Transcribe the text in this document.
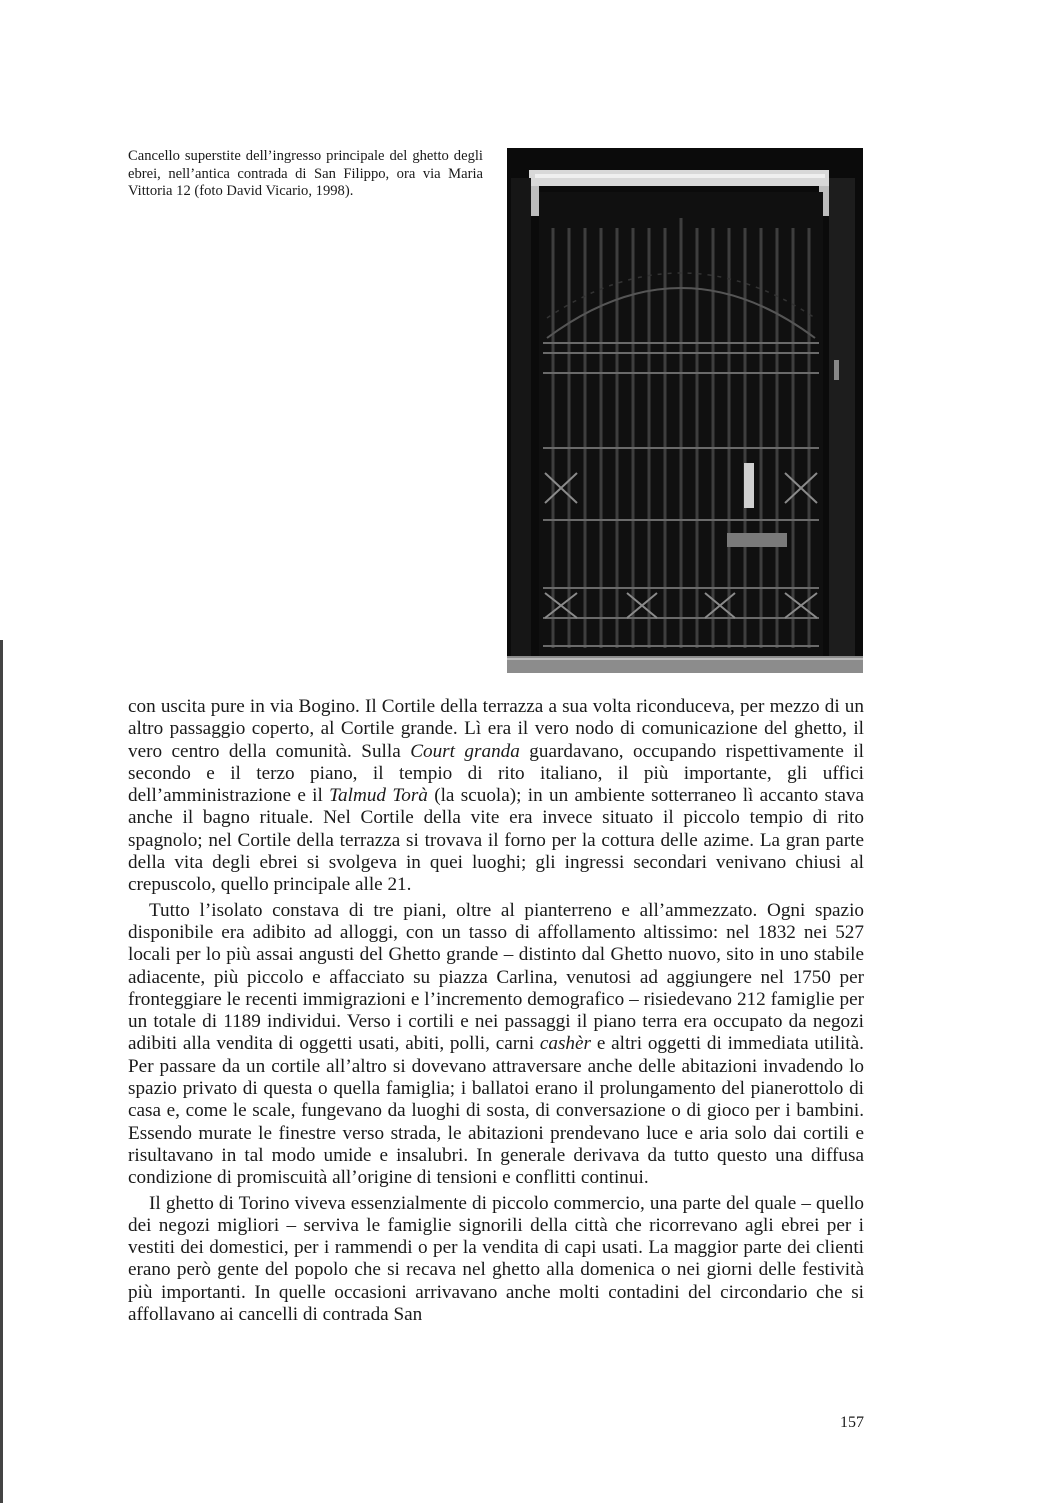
Cancello superstite dell’ingresso principale del ghetto degli ebrei, nell’antica contrada di San Filippo, ora via Maria Vittoria 12 (foto David Vicario, 1998).

con uscita pure in via Bogino. Il Cortile della terrazza a sua volta riconduceva, per mezzo di un altro passaggio coperto, al Cortile grande. Lì era il vero nodo di comunicazione del ghetto, il vero centro della comunità. Sulla Court granda guardavano, occupando rispettivamente il secondo e il terzo piano, il tempio di rito italiano, il più importante, gli uffici dell’amministrazione e il Talmud Torà (la scuola); in un ambiente sotterraneo lì accanto stava anche il bagno rituale. Nel Cortile della vite era invece situato il piccolo tempio di rito spagnolo; nel Cortile della terrazza si trovava il forno per la cottura delle azime. La gran parte della vita degli ebrei si svolgeva in quei luoghi; gli ingressi secondari venivano chiusi al crepuscolo, quello principale alle 21.

Tutto l’isolato constava di tre piani, oltre al pianterreno e all’ammezzato. Ogni spazio disponibile era adibito ad alloggi, con un tasso di affollamento altissimo: nel 1832 nei 527 locali per lo più assai angusti del Ghetto grande – distinto dal Ghetto nuovo, sito in uno stabile adiacente, più piccolo e affacciato su piazza Carlina, venutosi ad aggiungere nel 1750 per fronteggiare le recenti immigrazioni e l’incremento demografico – risiedevano 212 famiglie per un totale di 1189 individui. Verso i cortili e nei passaggi il piano terra era occupato da negozi adibiti alla vendita di oggetti usati, abiti, polli, carni cashèr e altri oggetti di immediata utilità. Per passare da un cortile all’altro si dovevano attraversare anche delle abitazioni invadendo lo spazio privato di questa o quella famiglia; i ballatoi erano il prolungamento del pianerottolo di casa e, come le scale, fungevano da luoghi di sosta, di conversazione o di gioco per i bambini. Essendo murate le finestre verso strada, le abitazioni prendevano luce e aria solo dai cortili e risultavano in tal modo umide e insalubri. In generale derivava da tutto questo una diffusa condizione di promiscuità all’origine di tensioni e conflitti continui.

Il ghetto di Torino viveva essenzialmente di piccolo commercio, una parte del quale – quello dei negozi migliori – serviva le famiglie signorili della città che ricorrevano agli ebrei per i vestiti dei domestici, per i rammendi o per la vendita di capi usati. La maggior parte dei clienti erano però gente del popolo che si recava nel ghetto alla domenica o nei giorni delle festività più importanti. In quelle occasioni arrivavano anche molti contadini del circondario che si affollavano ai cancelli di contrada San

157
